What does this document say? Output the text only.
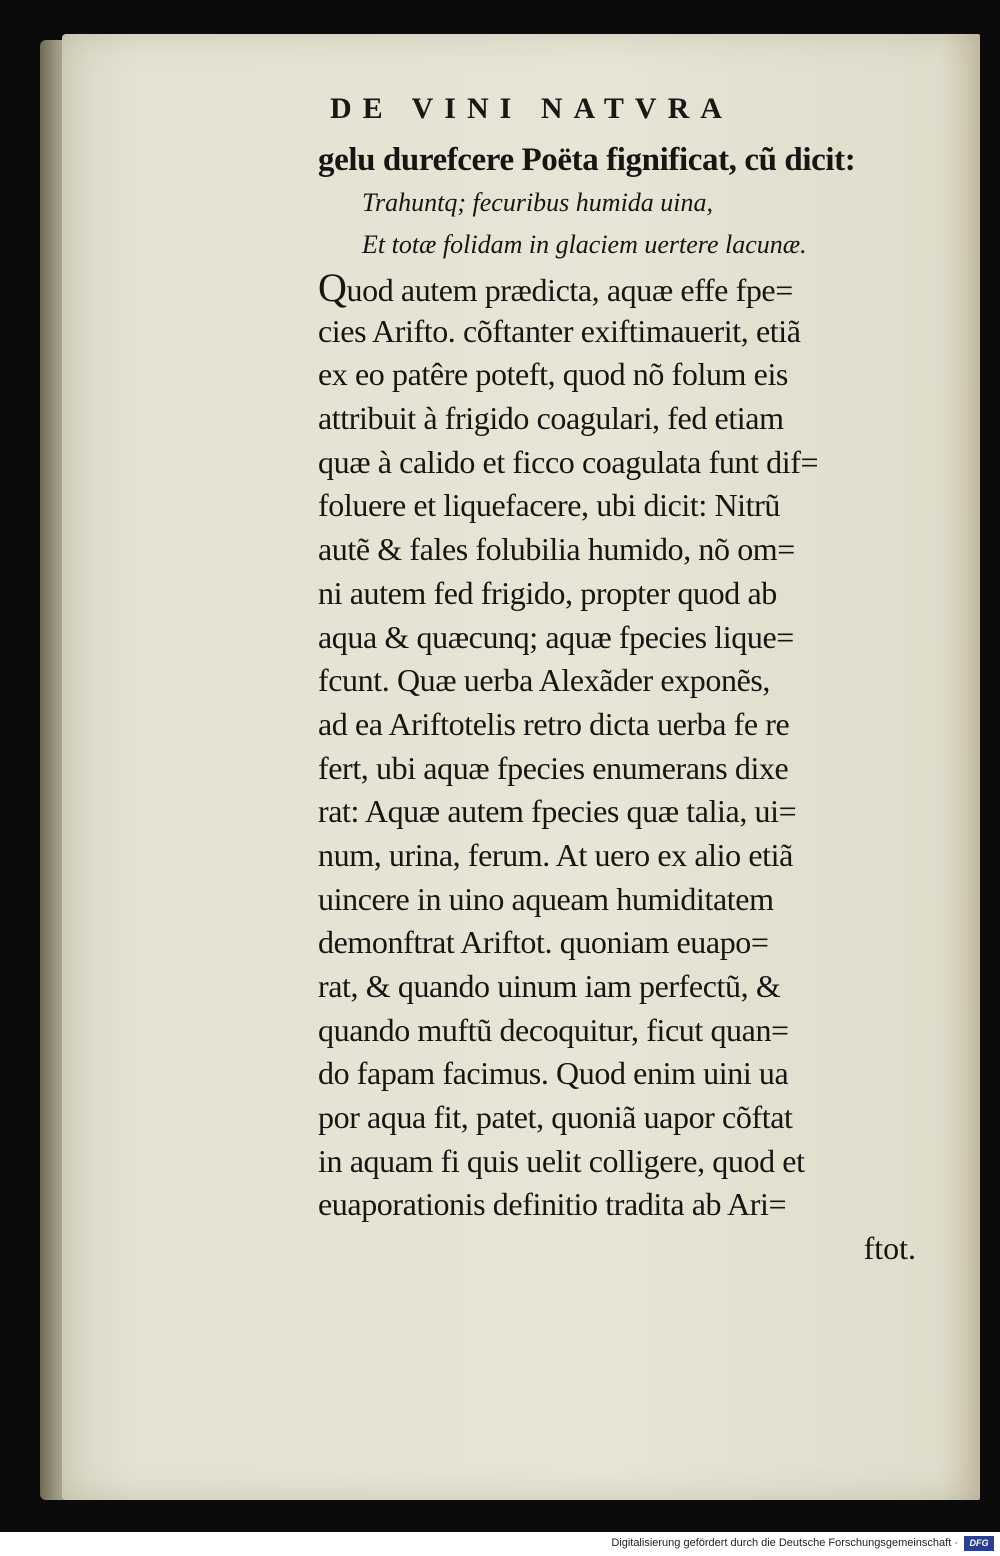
DE VINI NATVRA
gelu durefcere Poëta fignificat, cũ dicit:
Trahuntq; fecuribus humida uina,
Et totæ folidam in glaciem uertere lacunæ.
Quod autem prædicta, aquæ effe fpe=
cies Arifto. cõftanter exiftimauerit, etiã
ex eo patêre poteft, quod nõ folum eis
attribuit à frigido coagulari, fed etiam
quæ à calido et ficco coagulata funt dif=
foluere et liquefacere, ubi dicit: Nitrũ
autẽ & fales folubilia humido, nõ om=
ni autem fed frigido, propter quod ab
aqua & quæcunq; aquæ fpecies lique=
fcunt. Quæ uerba Alexãder exponẽs,
ad ea Ariftotelis retro dicta uerba fe re
fert, ubi aquæ fpecies enumerans dixe
rat: Aquæ autem fpecies quæ talia, ui=
num, urina, ferum. At uero ex alio etiã
uincere in uino aqueam humiditatem
demonftrat Ariftot. quoniam euapo=
rat, & quando uinum iam perfectũ, &
quando muftũ decoquitur, ficut quan=
do fapam facimus. Quod enim uini ua
por aqua fit, patet, quoniã uapor cõftat
in aquam fi quis uelit colligere, quod et
euaporationis definitio tradita ab Ari=
ftot.
Digitalisierung gefördert durch die Deutsche Forschungsgemeinschaft ·	DFG
